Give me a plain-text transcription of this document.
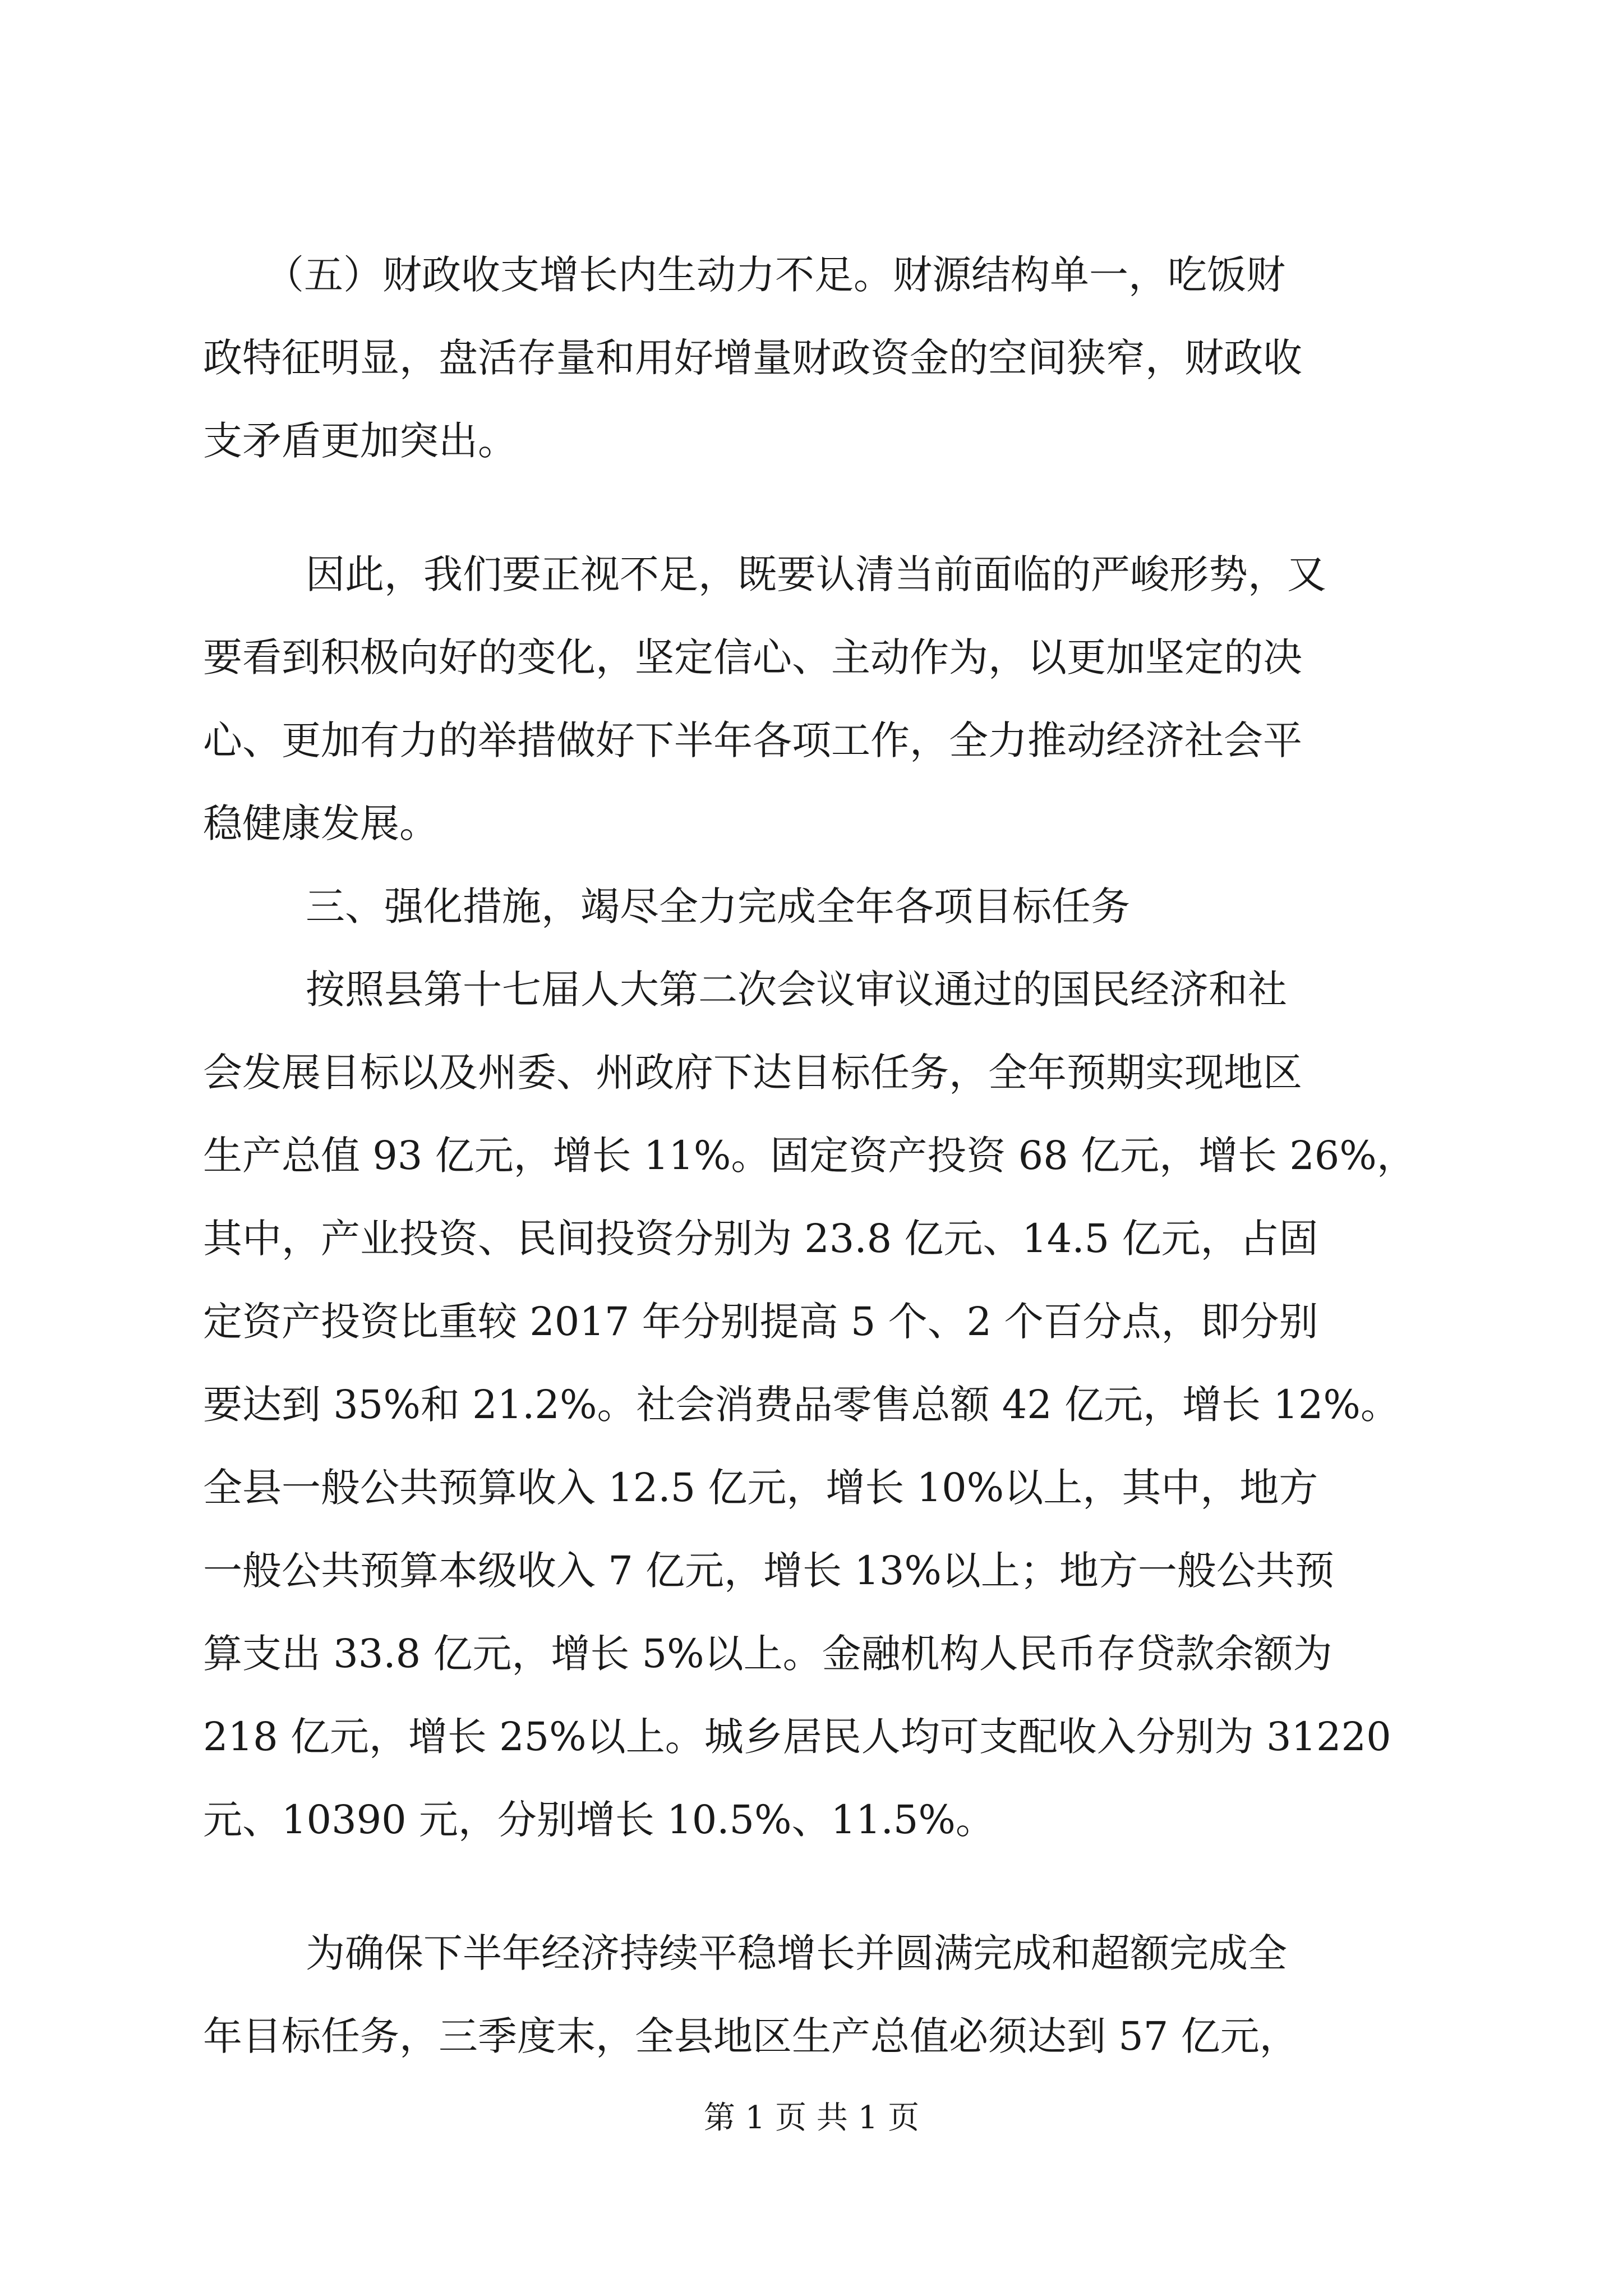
（五）财政收支增长内生动力不足。财源结构单一，吃饭财
政特征明显，盘活存量和用好增量财政资金的空间狭窄，财政收
支矛盾更加突出。
因此，我们要正视不足，既要认清当前面临的严峻形势，又
要看到积极向好的变化，坚定信心、主动作为，以更加坚定的决
心、更加有力的举措做好下半年各项工作，全力推动经济社会平
稳健康发展。
三、强化措施，竭尽全力完成全年各项目标任务
按照县第十七届人大第二次会议审议通过的国民经济和社
会发展目标以及州委、州政府下达目标任务，全年预期实现地区
生产总值 93 亿元，增长 11%。固定资产投资 68 亿元，增长 26%，
其中，产业投资、民间投资分别为 23.8 亿元、14.5 亿元，占固
定资产投资比重较 2017 年分别提高 5 个、2 个百分点，即分别
要达到 35%和 21.2%。社会消费品零售总额 42 亿元，增长 12%。
全县一般公共预算收入 12.5 亿元，增长 10%以上，其中，地方
一般公共预算本级收入 7 亿元，增长 13%以上；地方一般公共预
算支出 33.8 亿元，增长 5%以上。金融机构人民币存贷款余额为
218 亿元，增长 25%以上。城乡居民人均可支配收入分别为 31220
元、10390 元，分别增长 10.5%、11.5%。
为确保下半年经济持续平稳增长并圆满完成和超额完成全
年目标任务，三季度末，全县地区生产总值必须达到 57 亿元，
第 1 页 共 1 页
